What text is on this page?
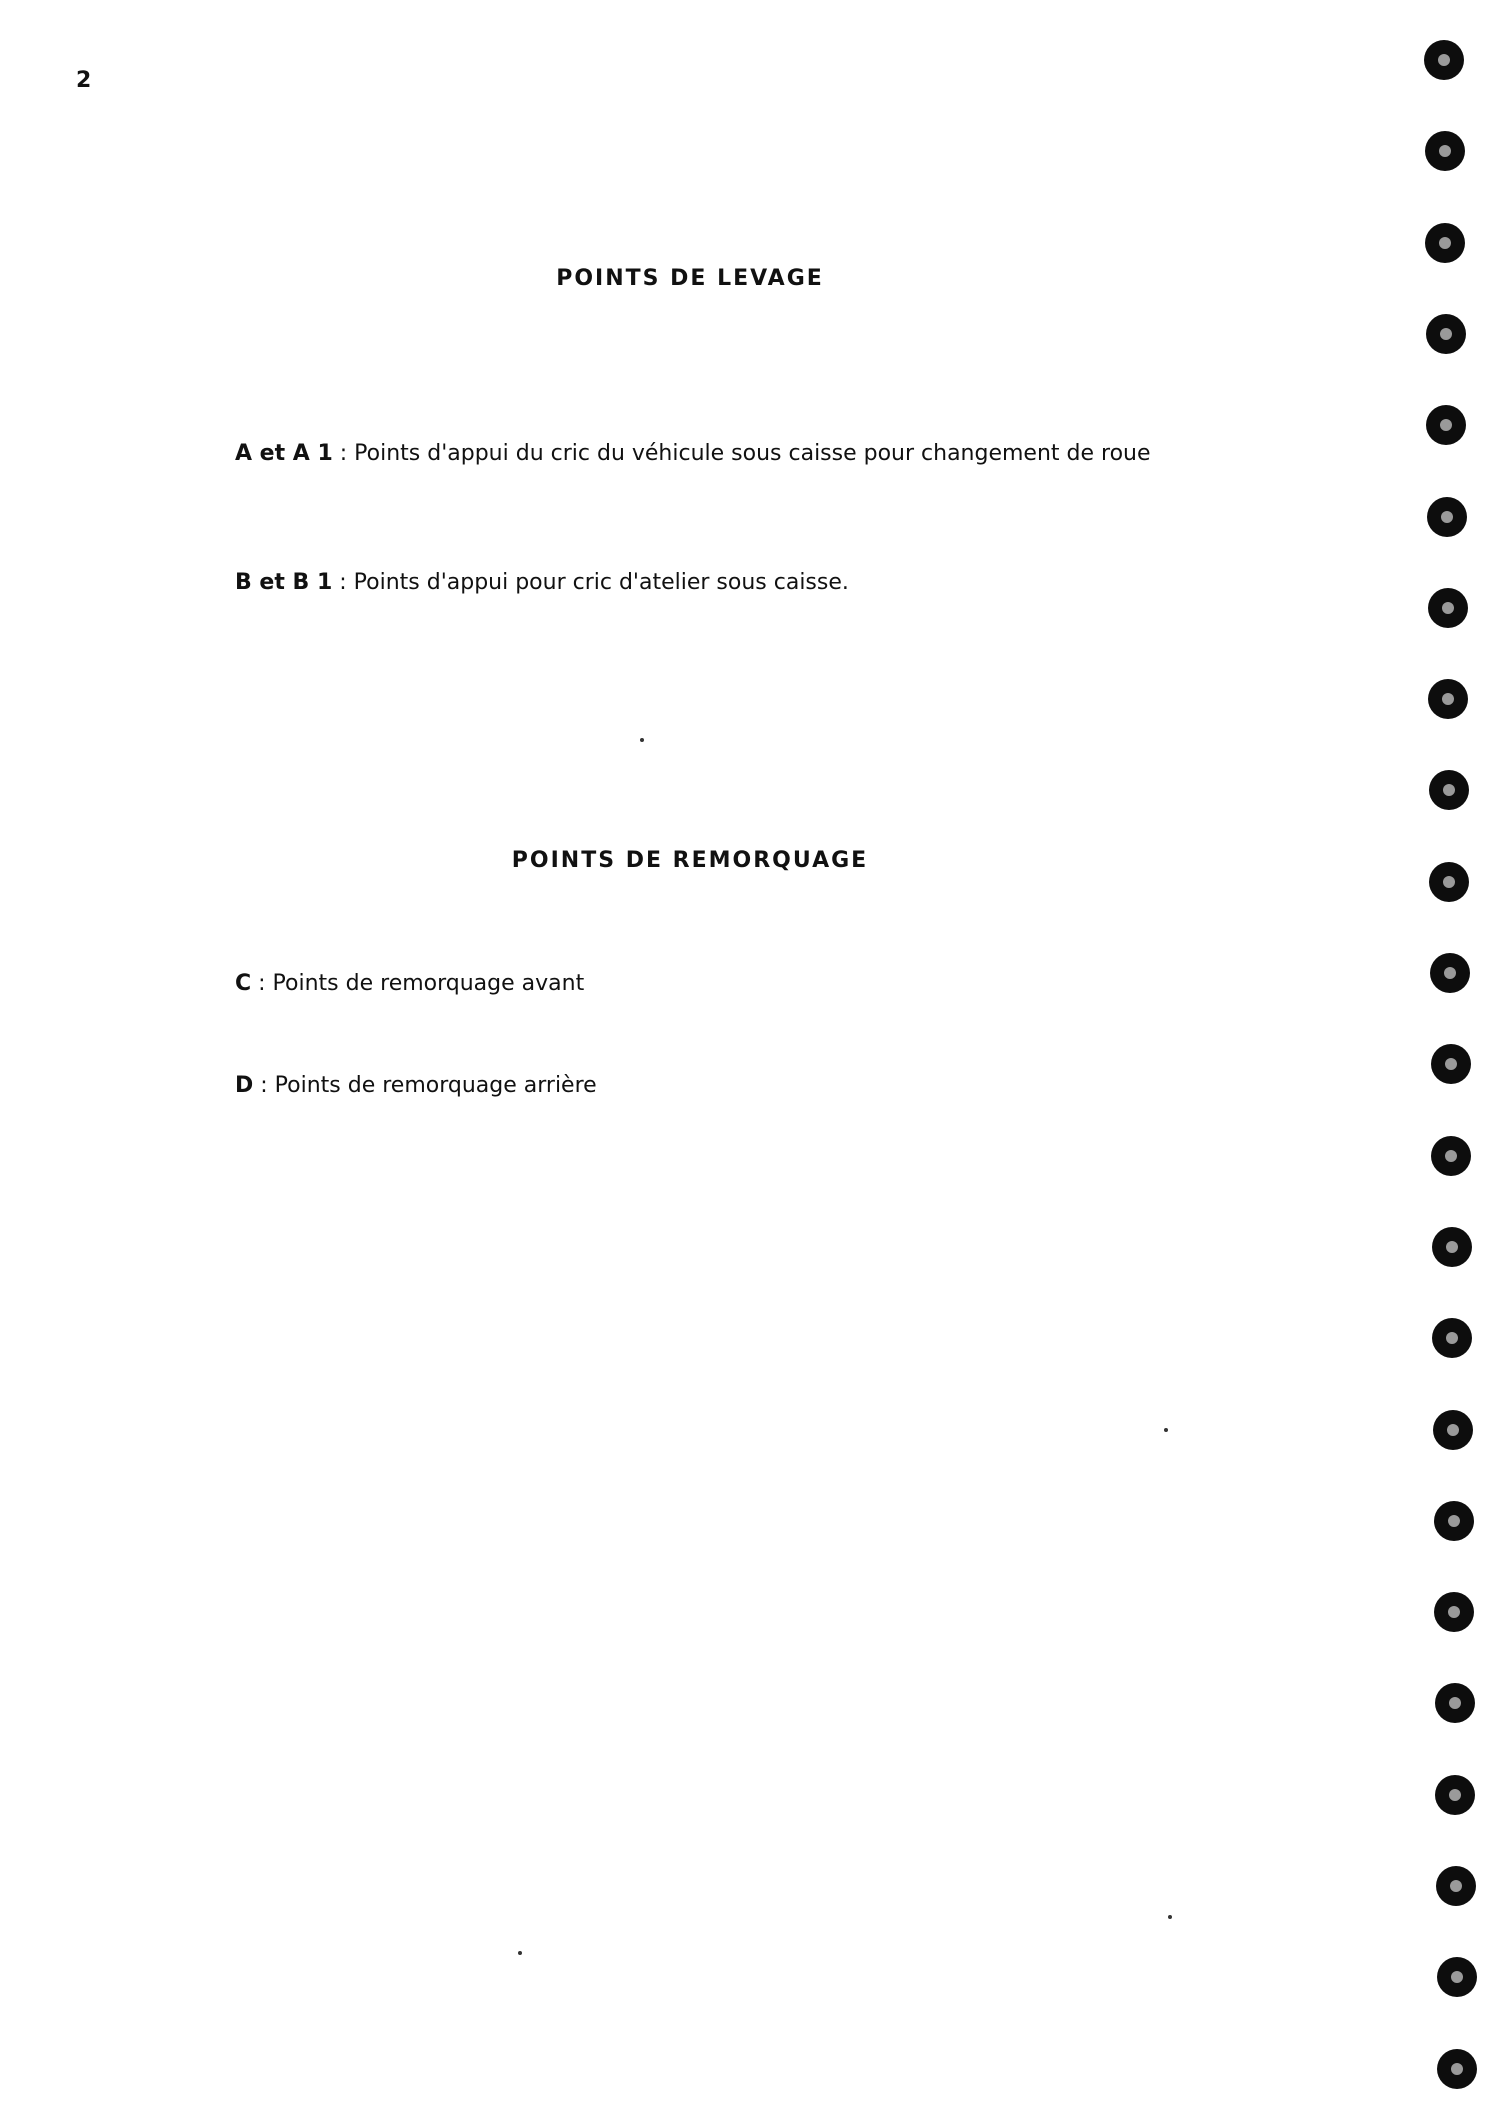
2
POINTS DE LEVAGE
A et A 1 : Points d'appui du cric du véhicule sous caisse pour changement de roue
B et B 1 : Points d'appui pour cric d'atelier sous caisse.
POINTS DE REMORQUAGE
C : Points de remorquage avant
D : Points de remorquage arrière
